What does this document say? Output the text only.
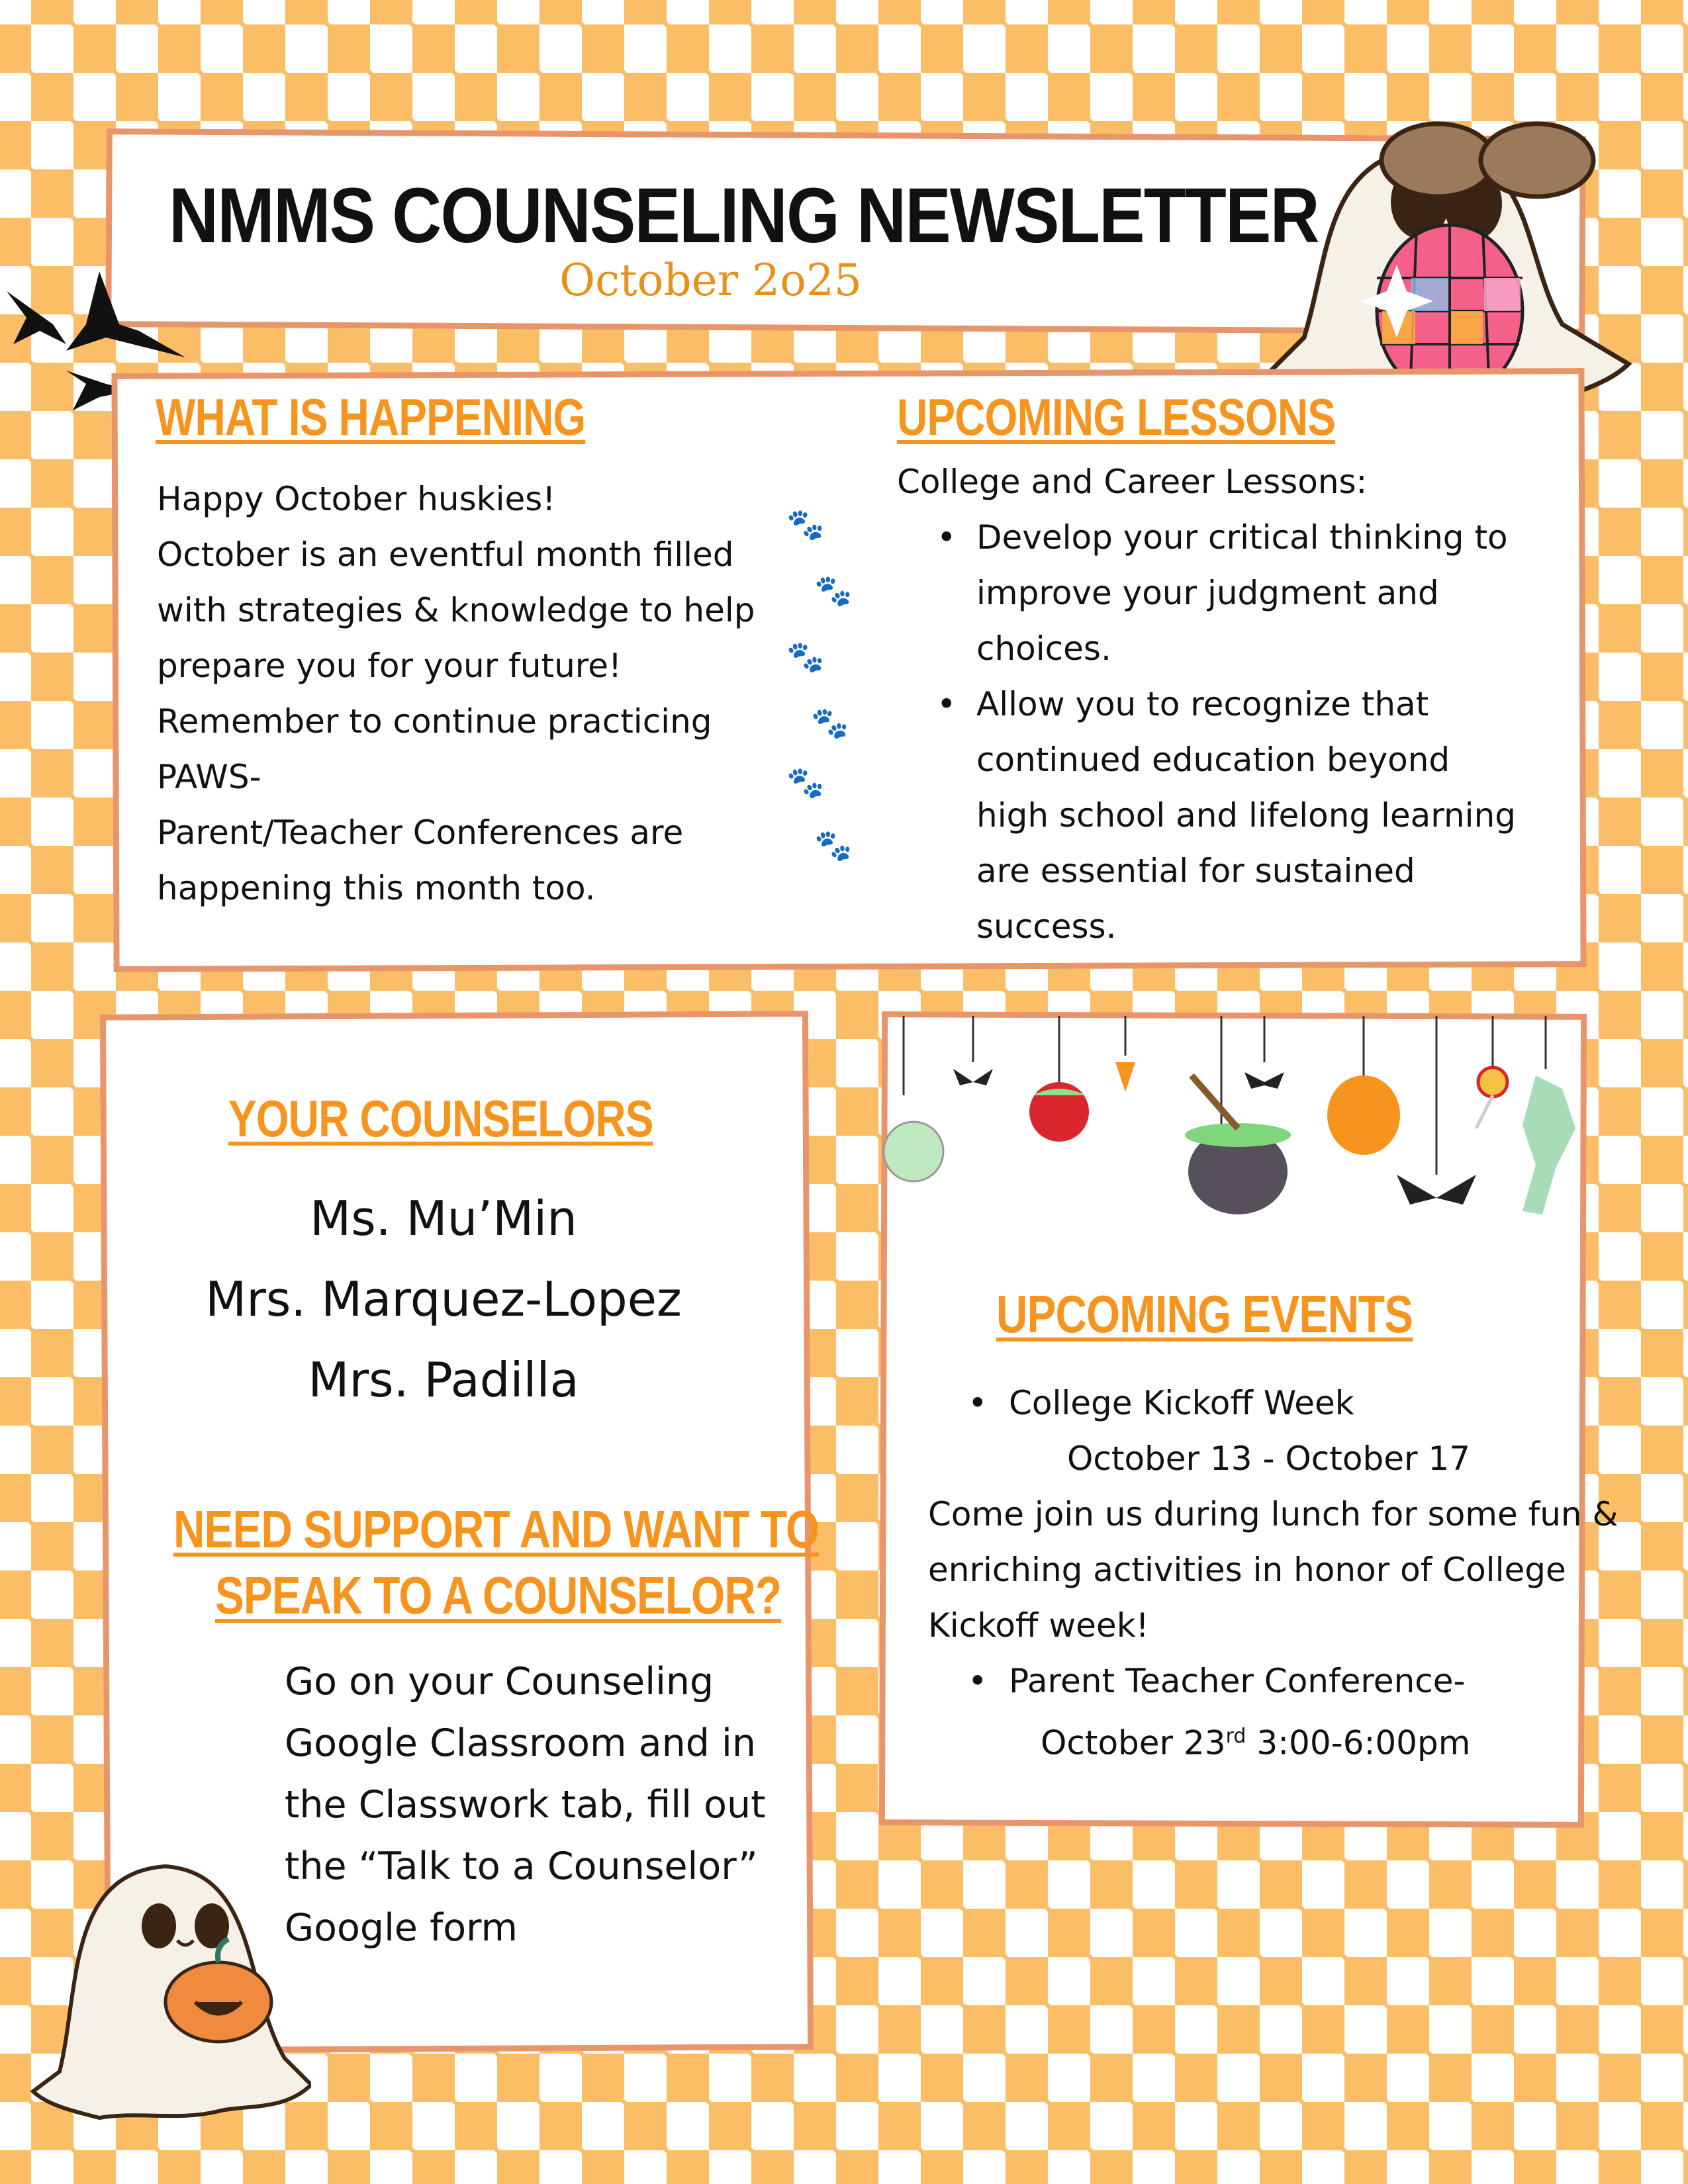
NMMS COUNSELING NEWSLETTER
October 2o25
WHAT IS HAPPENING
Happy October huskies!
October is an eventful month filled
with strategies & knowledge to help
prepare you for your future!
Remember to continue practicing
PAWS-
Parent/Teacher Conferences are
happening this month too.
🐾
🐾
🐾
🐾
🐾
🐾
UPCOMING LESSONS
College and Career Lessons:
• Develop your critical thinking to
improve your judgment and
choices.
• Allow you to recognize that
continued education beyond
high school and lifelong learning
are essential for sustained
success.
YOUR COUNSELORS
Ms. Mu’Min
Mrs. Marquez-Lopez
Mrs. Padilla
NEED SUPPORT AND WANT TO
SPEAK TO A COUNSELOR?
Go on your Counseling
Google Classroom and in
the Classwork tab, fill out
the “Talk to a Counselor”
Google form
UPCOMING EVENTS
• College Kickoff Week
October 13 - October 17
Come join us during lunch for some fun &
enriching activities in honor of College
Kickoff week!
• Parent Teacher Conference-
October 23rd 3:00-6:00pm
